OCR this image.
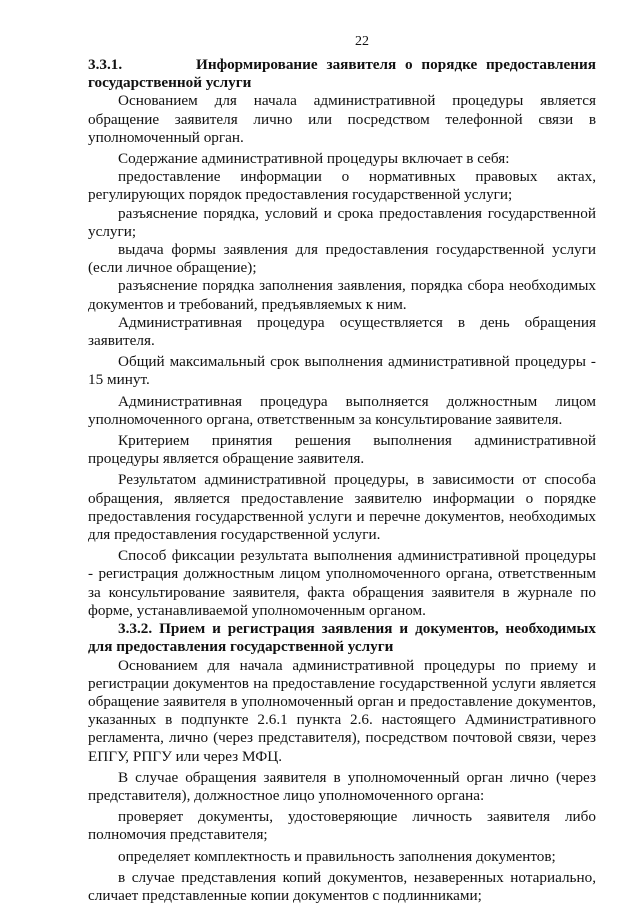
22

3.3.1.	Информирование заявителя о порядке предоставления государственной услуги

Основанием для начала административной процедуры является обращение заявителя лично или посредством телефонной связи в уполномоченный орган.

Содержание административной процедуры включает в себя:

предоставление информации о нормативных правовых актах, регулирующих порядок предоставления государственной услуги;

разъяснение порядка, условий и срока предоставления государственной услуги;

выдача формы заявления для предоставления государственной услуги (если личное обращение);

разъяснение порядка заполнения заявления, порядка сбора необходимых документов и требований, предъявляемых к ним.

Административная процедура осуществляется в день обращения заявителя.

Общий максимальный срок выполнения административной процедуры - 15 минут.

Административная процедура выполняется должностным лицом уполномоченного органа, ответственным за консультирование заявителя.

Критерием принятия решения выполнения административной процедуры является обращение заявителя.

Результатом административной процедуры, в зависимости от способа обращения, является предоставление заявителю информации о порядке предоставления государственной услуги и перечне документов, необходимых для предоставления государственной услуги.

Способ фиксации результата выполнения административной процедуры - регистрация должностным лицом уполномоченного органа, ответственным за консультирование заявителя, факта обращения заявителя в журнале по форме, устанавливаемой уполномоченным органом.

3.3.2. Прием и регистрация заявления и документов, необходимых для предоставления государственной услуги

Основанием для начала административной процедуры по приему и регистрации документов на предоставление государственной услуги является обращение заявителя в уполномоченный орган и предоставление документов, указанных в подпункте 2.6.1 пункта 2.6. настоящего Административного регламента, лично (через представителя), посредством почтовой связи, через ЕПГУ, РПГУ или через МФЦ.

В случае обращения заявителя в уполномоченный орган лично (через представителя), должностное лицо уполномоченного органа:

проверяет документы, удостоверяющие личность заявителя либо полномочия представителя;

определяет комплектность и правильность заполнения документов;

в случае представления копий документов, незаверенных нотариально, сличает представленные копии документов с подлинниками;
